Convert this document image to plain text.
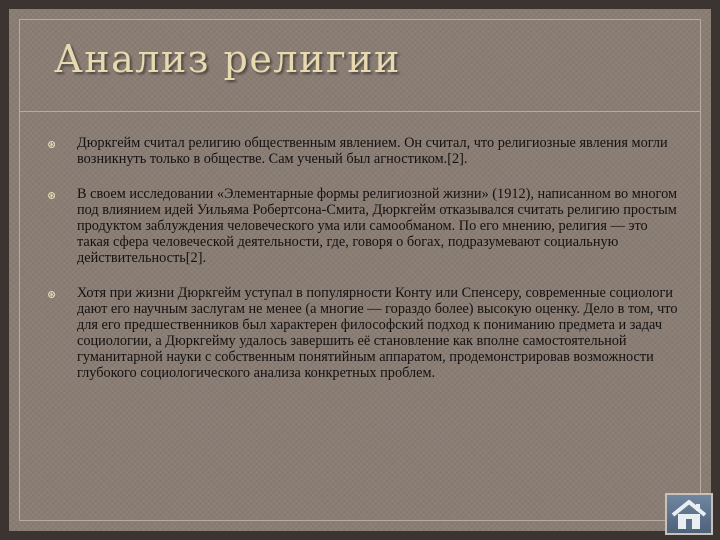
Анализ религии
⊛ Дюркгейм считал религию общественным явлением. Он считал, что религиозные явления могли возникнуть только в обществе. Сам ученый был агностиком.[2].
⊛ В своем исследовании «Элементарные формы религиозной жизни» (1912), написанном во многом под влиянием идей Уильяма Робертсона-Смита, Дюркгейм отказывался считать религию простым продуктом заблуждения человеческого ума или самообманом. По его мнению, религия — это такая сфера человеческой деятельности, где, говоря о богах, подразумевают социальную действительность[2].
⊛ Хотя при жизни Дюркгейм уступал в популярности Конту или Спенсеру, современные социологи дают его научным заслугам не менее (а многие — гораздо более) высокую оценку. Дело в том, что для его предшественников был характерен философский подход к пониманию предмета и задач социологии, а Дюркгейму удалось завершить её становление как вполне самостоятельной гуманитарной науки с собственным понятийным аппаратом, продемонстрировав возможности глубокого социологического анализа конкретных проблем.
